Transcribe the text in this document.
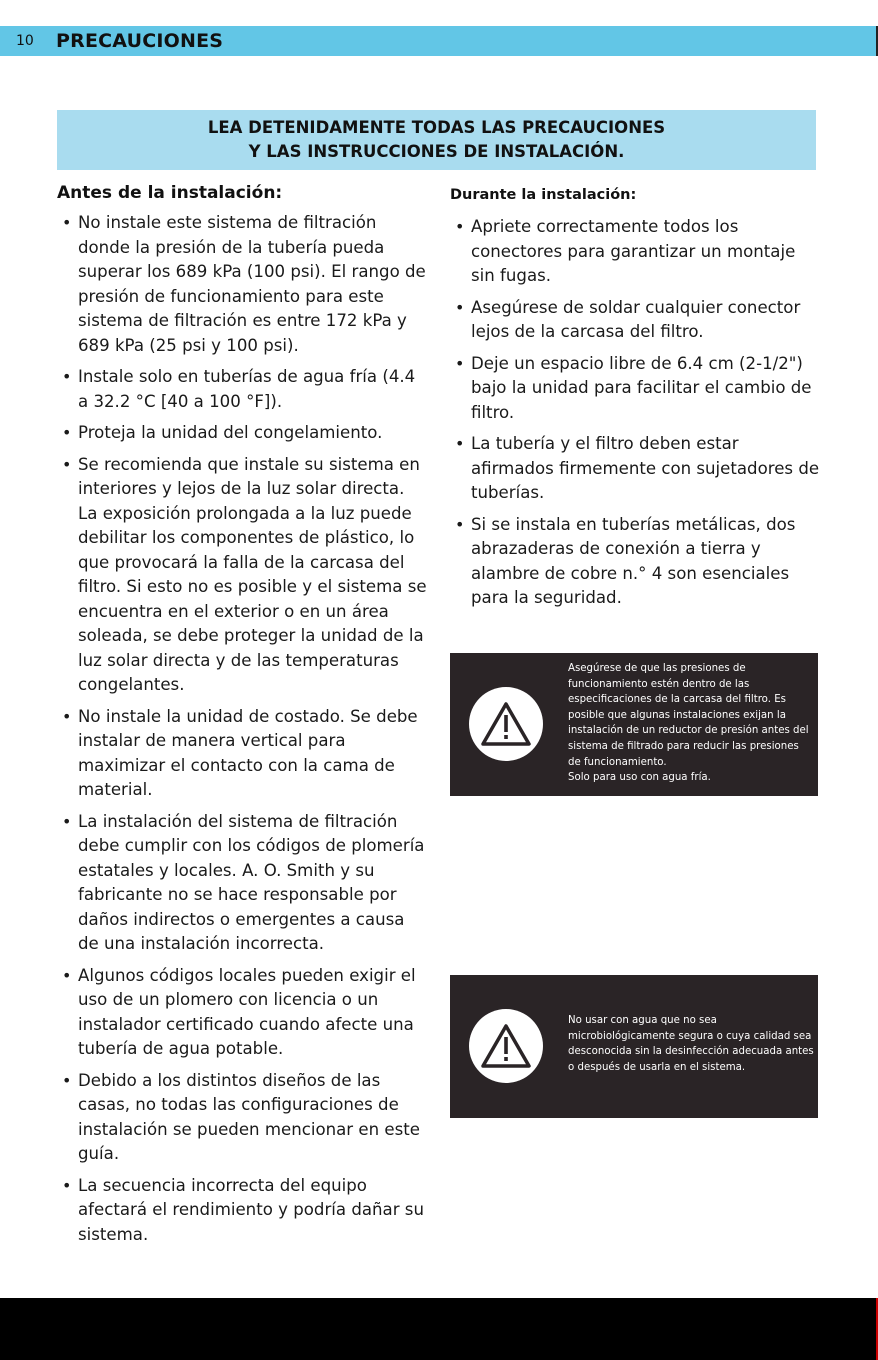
10	PRECAUCIONES
LEA DETENIDAMENTE TODAS LAS PRECAUCIONES
Y LAS INSTRUCCIONES DE INSTALACIÓN.
Antes de la instalación:
• No instale este sistema de filtración donde la presión de la tubería pueda superar los 689 kPa (100 psi). El rango de presión de funcionamiento para este sistema de filtración es entre 172 kPa y 689 kPa (25 psi y 100 psi).
• Instale solo en tuberías de agua fría (4.4 a 32.2 °C [40 a 100 °F]).
• Proteja la unidad del congelamiento.
• Se recomienda que instale su sistema en interiores y lejos de la luz solar directa. La exposición prolongada a la luz puede debilitar los componentes de plástico, lo que provocará la falla de la carcasa del filtro. Si esto no es posible y el sistema se encuentra en el exterior o en un área soleada, se debe proteger la unidad de la luz solar directa y de las temperaturas congelantes.
• No instale la unidad de costado. Se debe instalar de manera vertical para maximizar el contacto con la cama de material.
• La instalación del sistema de filtración debe cumplir con los códigos de plomería estatales y locales. A. O. Smith y su fabricante no se hace responsable por daños indirectos o emergentes a causa de una instalación incorrecta.
• Algunos códigos locales pueden exigir el uso de un plomero con licencia o un instalador certificado cuando afecte una tubería de agua potable.
• Debido a los distintos diseños de las casas, no todas las configuraciones de instalación se pueden mencionar en este guía.
• La secuencia incorrecta del equipo afectará el rendimiento y podría dañar su sistema.
Durante la instalación:
• Apriete correctamente todos los conectores para garantizar un montaje sin fugas.
• Asegúrese de soldar cualquier conector lejos de la carcasa del filtro.
• Deje un espacio libre de 6.4 cm (2-1/2") bajo la unidad para facilitar el cambio de filtro.
• La tubería y el filtro deben estar afirmados firmemente con sujetadores de tuberías.
• Si se instala en tuberías metálicas, dos abrazaderas de conexión a tierra y alambre de cobre n.° 4 son esenciales para la seguridad.
Asegúrese de que las presiones de funcionamiento estén dentro de las especificaciones de la carcasa del filtro. Es posible que algunas instalaciones exijan la instalación de un reductor de presión antes del sistema de filtrado para reducir las presiones de funcionamiento.
Solo para uso con agua fría.
No usar con agua que no sea microbiológicamente segura o cuya calidad sea desconocida sin la desinfección adecuada antes o después de usarla en el sistema.
